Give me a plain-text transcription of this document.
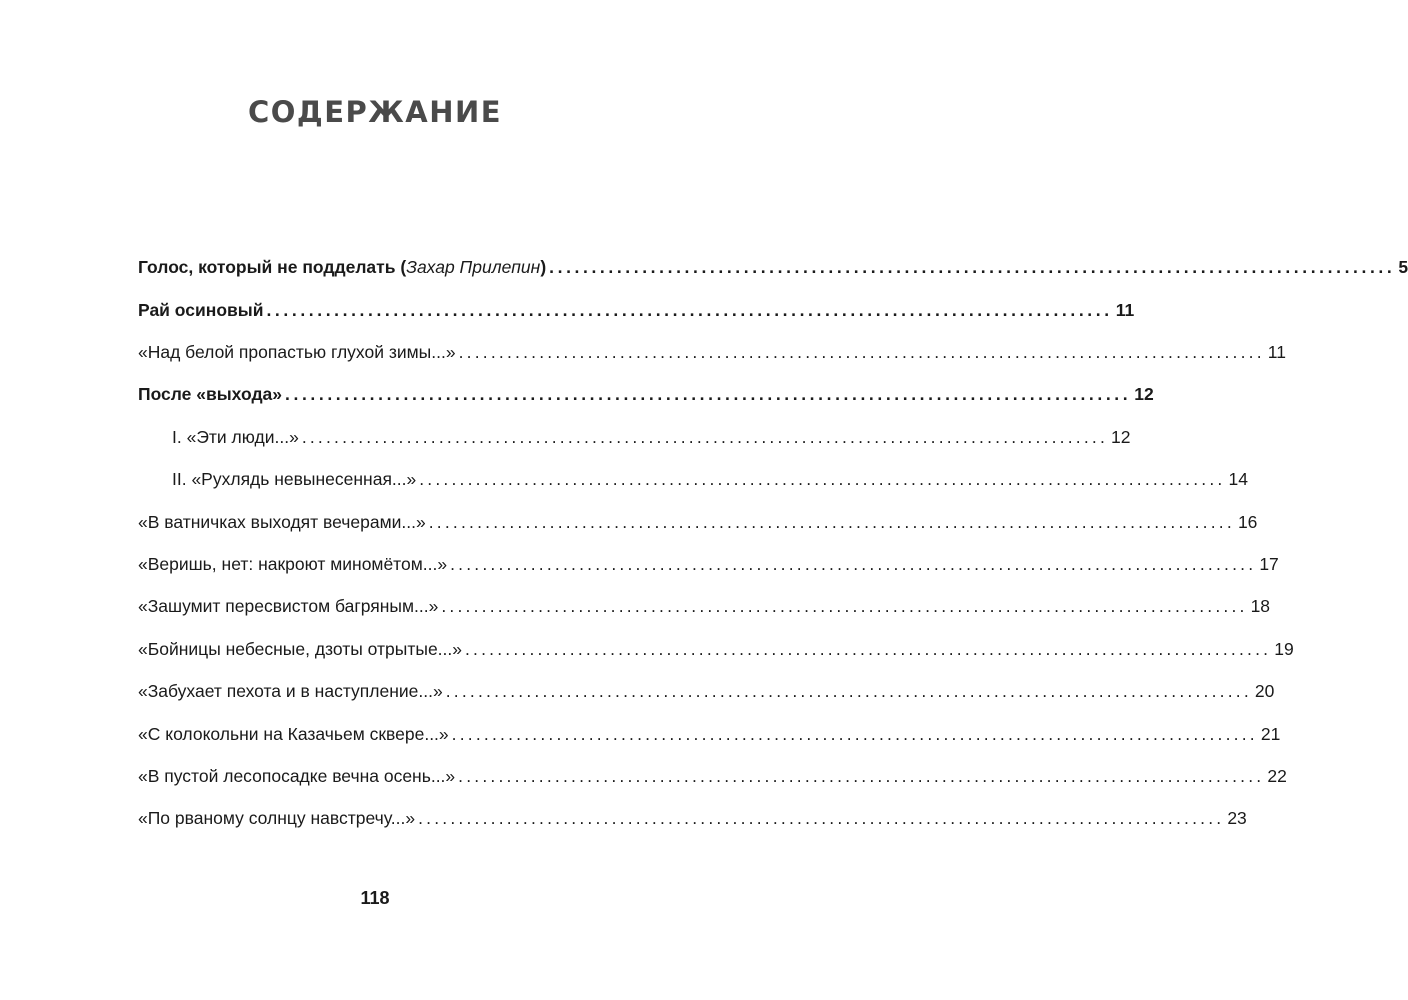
СОДЕРЖАНИЕ
Голос, который не подделать (Захар Прилепин) .................................................................................................... 5
Рай осиновый .................................................................................................... 11
«Над белой пропастью глухой зимы...» .................................................................................................... 11
После «выхода» .................................................................................................... 12
I. «Эти люди...» .................................................................................................... 12
II. «Рухлядь невынесенная...» .................................................................................................... 14
«В ватничках выходят вечерами...» .................................................................................................... 16
«Веришь, нет: накроют миномётом...» .................................................................................................... 17
«Зашумит пересвистом багряным...» .................................................................................................... 18
«Бойницы небесные, дзоты отрытые...» .................................................................................................... 19
«Забухает пехота и в наступление...» .................................................................................................... 20
«С колокольни на Казачьем сквере...» .................................................................................................... 21
«В пустой лесопосадке вечна осень...» .................................................................................................... 22
«По рваному солнцу навстречу...» .................................................................................................... 23
118
